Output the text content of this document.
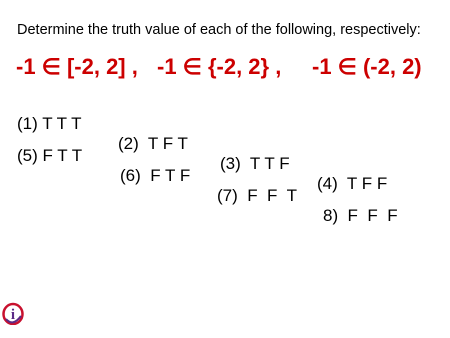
Determine the truth value of each of the following, respectively:
-1 ∈ [-2, 2] , -1 ∈ {-2, 2} , -1 ∈ (-2, 2)

(1) T T T

(2)  T F T

(3)  T T F

(4)  T F F

(5) F T T

(6)  F T F

(7)  F  F  T

8)  F  F  F

i
